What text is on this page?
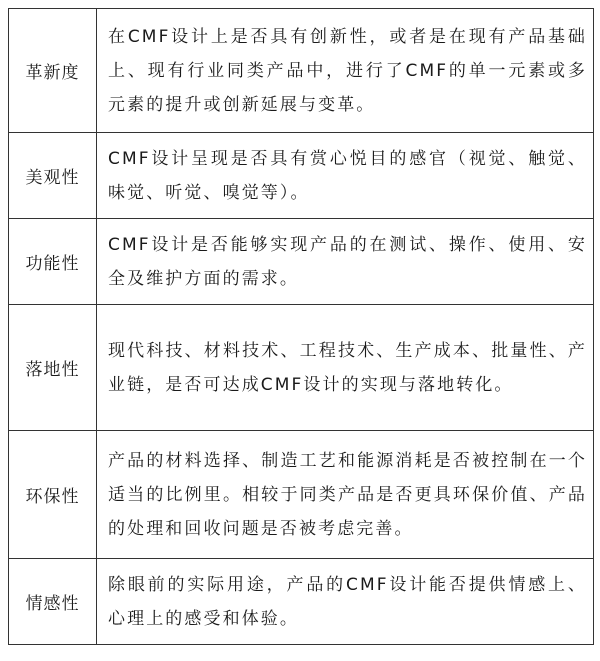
革新度	在CMF设计上是否具有创新性，或者是在现有产品基础上、现有行业同类产品中，进行了CMF的单一元素或多元素的提升或创新延展与变革。
美观性	CMF设计呈现是否具有赏心悦目的感官（视觉、触觉、味觉、听觉、嗅觉等）。
功能性	CMF设计是否能够实现产品的在测试、操作、使用、安全及维护方面的需求。
落地性	现代科技、材料技术、工程技术、生产成本、批量性、产业链，是否可达成CMF设计的实现与落地转化。
环保性	产品的材料选择、制造工艺和能源消耗是否被控制在一个适当的比例里。相较于同类产品是否更具环保价值、产品的处理和回收问题是否被考虑完善。
情感性	除眼前的实际用途，产品的CMF设计能否提供情感上、心理上的感受和体验。
